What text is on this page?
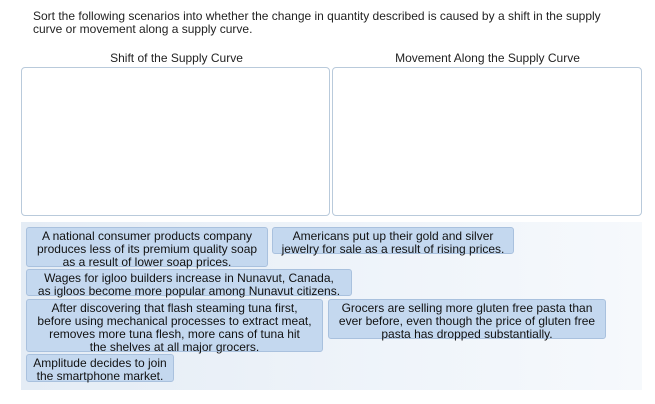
Sort the following scenarios into whether the change in quantity described is caused by a shift in the supply curve or movement along a supply curve.
Shift of the Supply Curve	Movement Along the Supply Curve
A national consumer products company
produces less of its premium quality soap
as a result of lower soap prices.
Americans put up their gold and silver
jewelry for sale as a result of rising prices.
Wages for igloo builders increase in Nunavut, Canada,
as igloos become more popular among Nunavut citizens.
After discovering that flash steaming tuna first,
before using mechanical processes to extract meat,
removes more tuna flesh, more cans of tuna hit
the shelves at all major grocers.
Grocers are selling more gluten free pasta than
ever before, even though the price of gluten free
pasta has dropped substantially.
Amplitude decides to join
the smartphone market.
